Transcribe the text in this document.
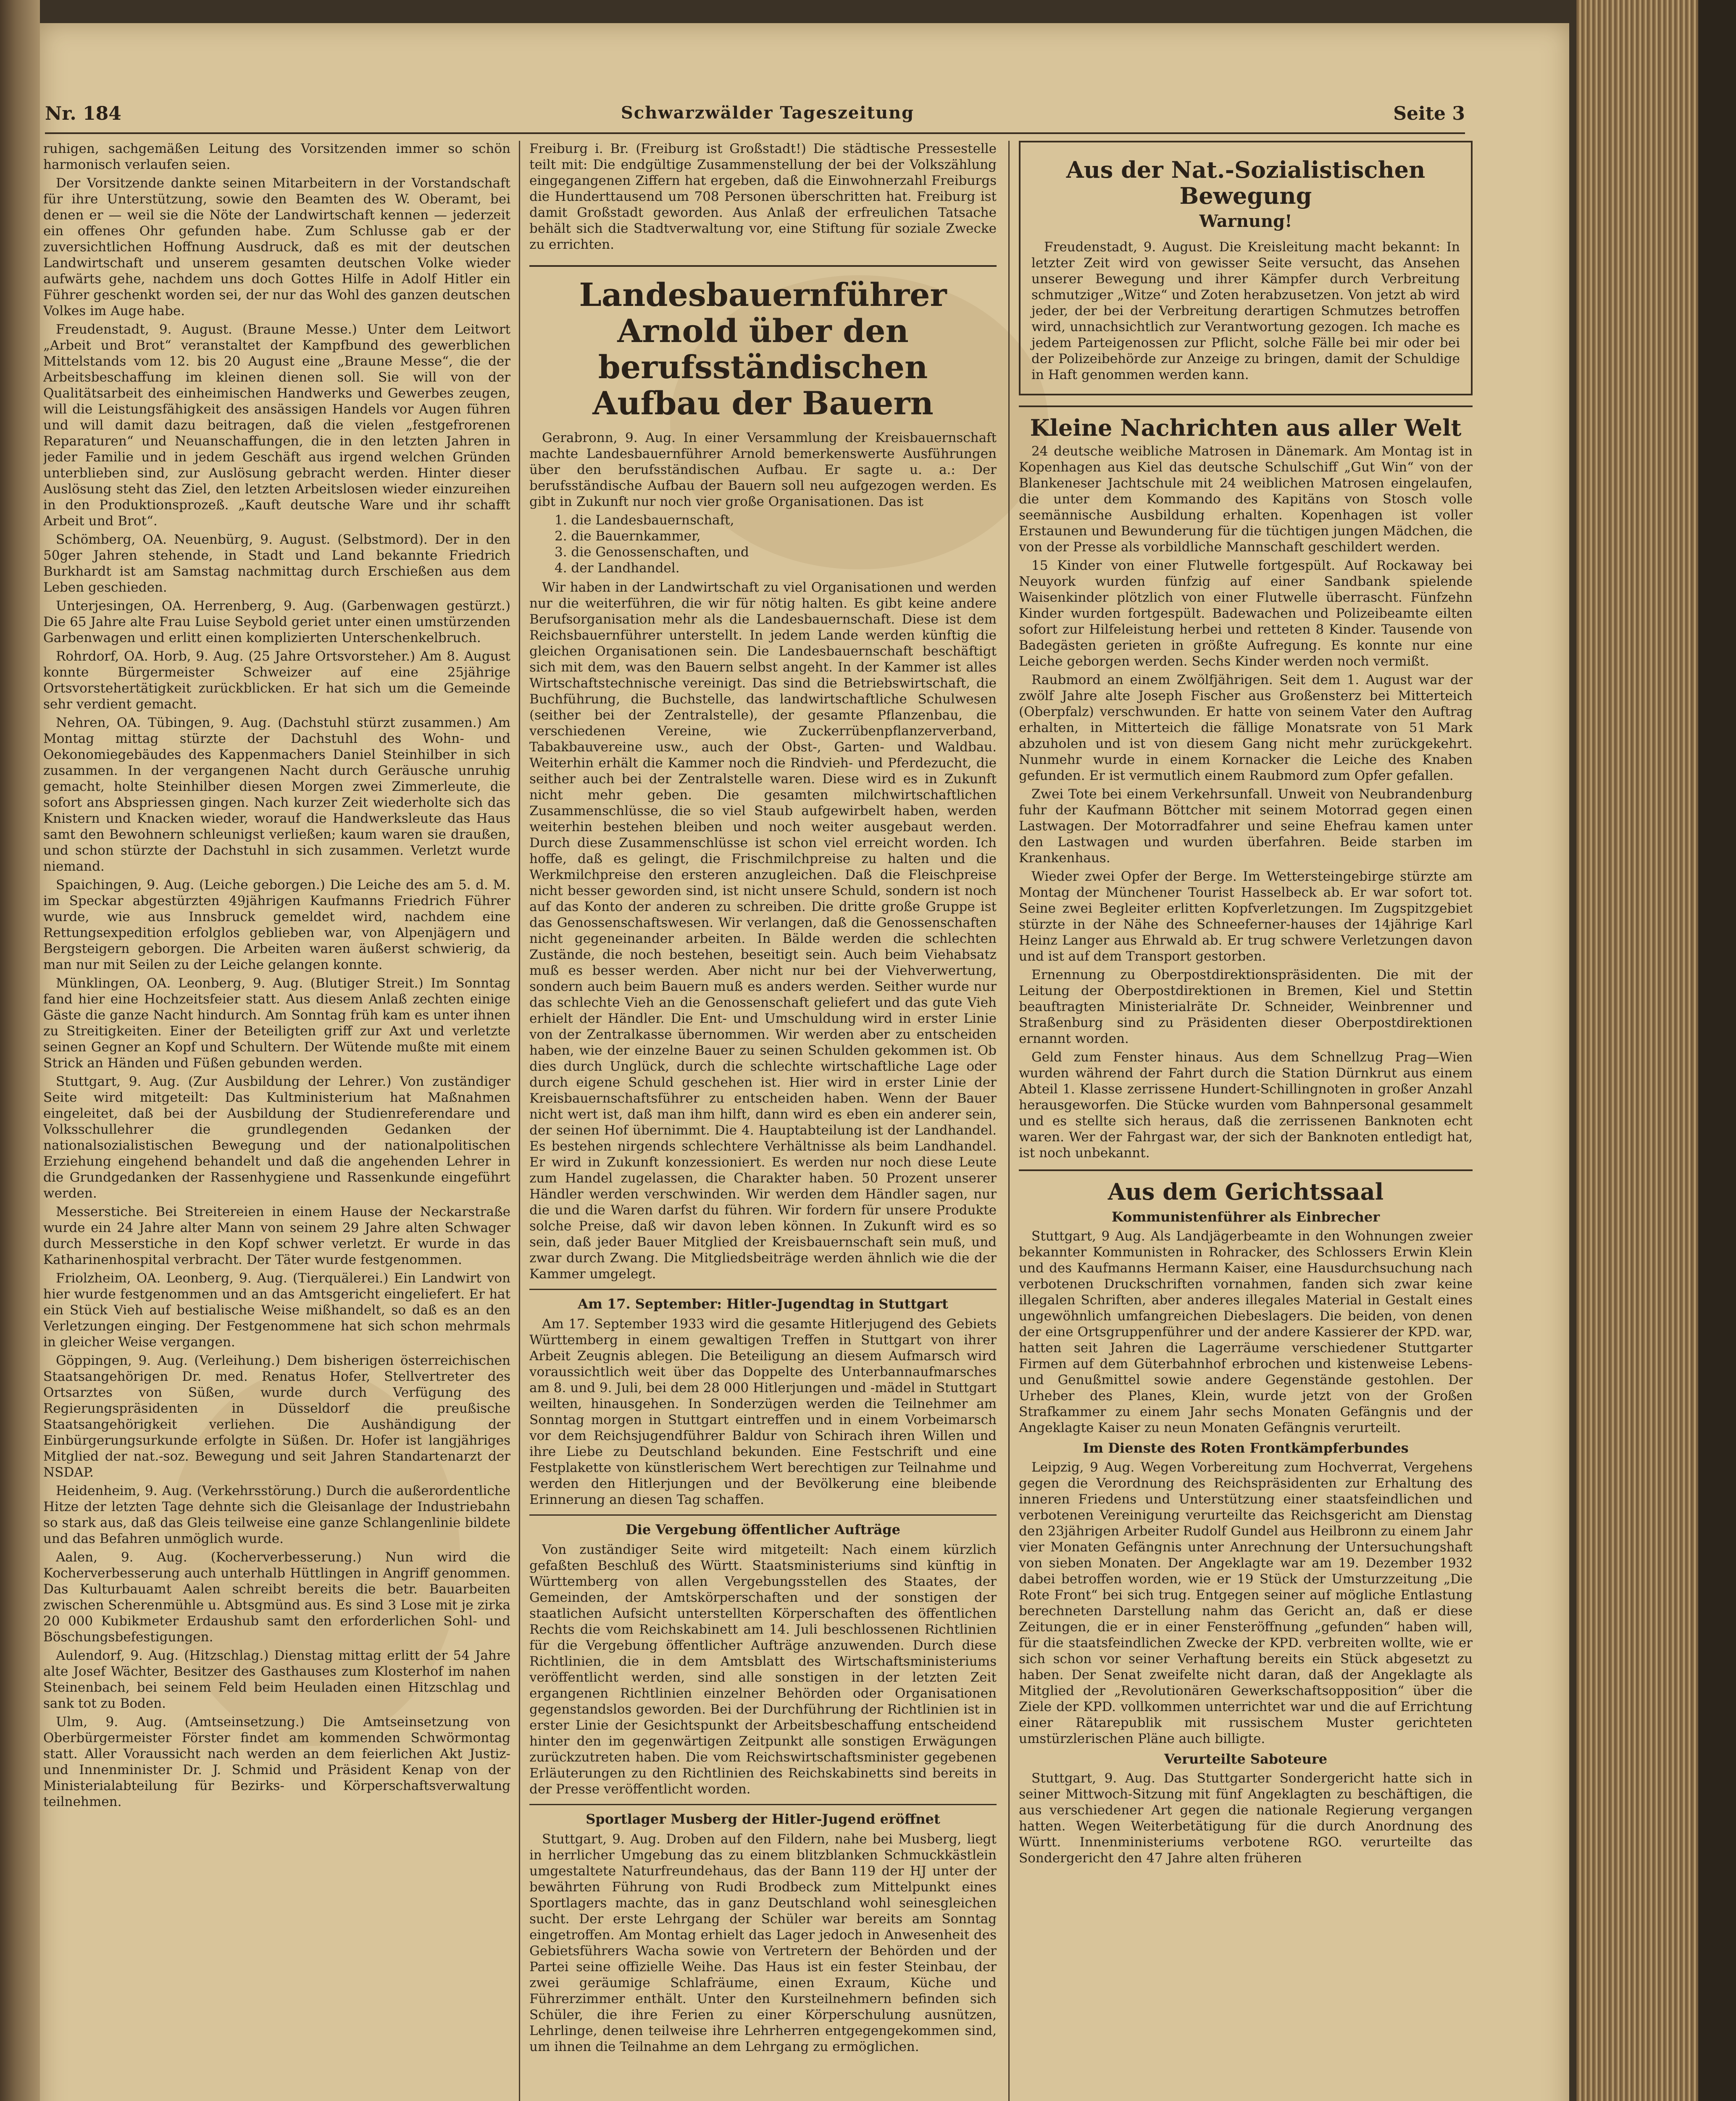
Nr. 184	Schwarzwälder Tageszeitung	Seite 3

ruhigen, sachgemäßen Leitung des Vorsitzenden immer so schön harmonisch verlaufen seien.

Der Vorsitzende dankte seinen Mitarbeitern in der Vorstandschaft für ihre Unterstützung, sowie den Beamten des W. Oberamt, bei denen er — weil sie die Nöte der Landwirtschaft kennen — jederzeit ein offenes Ohr gefunden habe. Zum Schlusse gab er der zuversichtlichen Hoffnung Ausdruck, daß es mit der deutschen Landwirtschaft und unserem gesamten deutschen Volke wieder aufwärts gehe, nachdem uns doch Gottes Hilfe in Adolf Hitler ein Führer geschenkt worden sei, der nur das Wohl des ganzen deutschen Volkes im Auge habe.

Freudenstadt, 9. August. (Braune Messe.) Unter dem Leitwort „Arbeit und Brot“ veranstaltet der Kampfbund des gewerblichen Mittelstands vom 12. bis 20 August eine „Braune Messe“, die der Arbeitsbeschaffung im kleinen dienen soll. Sie will von der Qualitätsarbeit des einheimischen Handwerks und Gewerbes zeugen, will die Leistungsfähigkeit des ansässigen Handels vor Augen führen und will damit dazu beitragen, daß die vielen „festgefrorenen Reparaturen“ und Neuanschaffungen, die in den letzten Jahren in jeder Familie und in jedem Geschäft aus irgend welchen Gründen unterblieben sind, zur Auslösung gebracht werden. Hinter dieser Auslösung steht das Ziel, den letzten Arbeitslosen wieder einzureihen in den Produktionsprozeß. „Kauft deutsche Ware und ihr schafft Arbeit und Brot“.

Schömberg, OA. Neuenbürg, 9. August. (Selbstmord). Der in den 50ger Jahren stehende, in Stadt und Land bekannte Friedrich Burkhardt ist am Samstag nachmittag durch Erschießen aus dem Leben geschieden.

Unterjesingen, OA. Herrenberg, 9. Aug. (Garbenwagen gestürzt.) Die 65 Jahre alte Frau Luise Seybold geriet unter einen umstürzenden Garbenwagen und erlitt einen komplizierten Unterschenkelbruch.

Rohrdorf, OA. Horb, 9. Aug. (25 Jahre Ortsvorsteher.) Am 8. August konnte Bürgermeister Schweizer auf eine 25jährige Ortsvorstehertätigkeit zurückblicken. Er hat sich um die Gemeinde sehr verdient gemacht.

Nehren, OA. Tübingen, 9. Aug. (Dachstuhl stürzt zusammen.) Am Montag mittag stürzte der Dachstuhl des Wohn- und Oekonomiegebäudes des Kappenmachers Daniel Steinhilber in sich zusammen. In der vergangenen Nacht durch Geräusche unruhig gemacht, holte Steinhilber diesen Morgen zwei Zimmerleute, die sofort ans Abspriessen gingen. Nach kurzer Zeit wiederholte sich das Knistern und Knacken wieder, worauf die Handwerksleute das Haus samt den Bewohnern schleunigst verließen; kaum waren sie draußen, und schon stürzte der Dachstuhl in sich zusammen. Verletzt wurde niemand.

Spaichingen, 9. Aug. (Leiche geborgen.) Die Leiche des am 5. d. M. im Speckar abgestürzten 49jährigen Kaufmanns Friedrich Führer wurde, wie aus Innsbruck gemeldet wird, nachdem eine Rettungsexpedition erfolglos geblieben war, von Alpenjägern und Bergsteigern geborgen. Die Arbeiten waren äußerst schwierig, da man nur mit Seilen zu der Leiche gelangen konnte.

Münklingen, OA. Leonberg, 9. Aug. (Blutiger Streit.) Im Sonntag fand hier eine Hochzeitsfeier statt. Aus diesem Anlaß zechten einige Gäste die ganze Nacht hindurch. Am Sonntag früh kam es unter ihnen zu Streitigkeiten. Einer der Beteiligten griff zur Axt und verletzte seinen Gegner an Kopf und Schultern. Der Wütende mußte mit einem Strick an Händen und Füßen gebunden werden.

Stuttgart, 9. Aug. (Zur Ausbildung der Lehrer.) Von zuständiger Seite wird mitgeteilt: Das Kultministerium hat Maßnahmen eingeleitet, daß bei der Ausbildung der Studienreferendare und Volksschullehrer die grundlegenden Gedanken der nationalsozialistischen Bewegung und der nationalpolitischen Erziehung eingehend behandelt und daß die angehenden Lehrer in die Grundgedanken der Rassenhygiene und Rassenkunde eingeführt werden.

Messerstiche. Bei Streitereien in einem Hause der Neckarstraße wurde ein 24 Jahre alter Mann von seinem 29 Jahre alten Schwager durch Messerstiche in den Kopf schwer verletzt. Er wurde in das Katharinenhospital verbracht. Der Täter wurde festgenommen.

Friolzheim, OA. Leonberg, 9. Aug. (Tierquälerei.) Ein Landwirt von hier wurde festgenommen und an das Amtsgericht eingeliefert. Er hat ein Stück Vieh auf bestialische Weise mißhandelt, so daß es an den Verletzungen einging. Der Festgenommene hat sich schon mehrmals in gleicher Weise vergangen.

Göppingen, 9. Aug. (Verleihung.) Dem bisherigen österreichischen Staatsangehörigen Dr. med. Renatus Hofer, Stellvertreter des Ortsarztes von Süßen, wurde durch Verfügung des Regierungspräsidenten in Düsseldorf die preußische Staatsangehörigkeit verliehen. Die Aushändigung der Einbürgerungsurkunde erfolgte in Süßen. Dr. Hofer ist langjähriges Mitglied der nat.-soz. Bewegung und seit Jahren Standartenarzt der NSDAP.

Heidenheim, 9. Aug. (Verkehrsstörung.) Durch die außerordentliche Hitze der letzten Tage dehnte sich die Gleisanlage der Industriebahn so stark aus, daß das Gleis teilweise eine ganze Schlangenlinie bildete und das Befahren unmöglich wurde.

Aalen, 9. Aug. (Kocherverbesserung.) Nun wird die Kocherverbesserung auch unterhalb Hüttlingen in Angriff genommen. Das Kulturbauamt Aalen schreibt bereits die betr. Bauarbeiten zwischen Scherenmühle u. Abtsgmünd aus. Es sind 3 Lose mit je zirka 20 000 Kubikmeter Erdaushub samt den erforderlichen Sohl- und Böschungsbefestigungen.

Aulendorf, 9. Aug. (Hitzschlag.) Dienstag mittag erlitt der 54 Jahre alte Josef Wächter, Besitzer des Gasthauses zum Klosterhof im nahen Steinenbach, bei seinem Feld beim Heuladen einen Hitzschlag und sank tot zu Boden.

Ulm, 9. Aug. (Amtseinsetzung.) Die Amtseinsetzung von Oberbürgermeister Förster findet am kommenden Schwörmontag statt. Aller Voraussicht nach werden an dem feierlichen Akt Justiz- und Innenminister Dr. J. Schmid und Präsident Kenap von der Ministerialabteilung für Bezirks- und Körperschaftsverwaltung teilnehmen.

Freiburg i. Br. (Freiburg ist Großstadt!) Die städtische Pressestelle teilt mit: Die endgültige Zusammenstellung der bei der Volkszählung eingegangenen Ziffern hat ergeben, daß die Einwohnerzahl Freiburgs die Hunderttausend um 708 Personen überschritten hat. Freiburg ist damit Großstadt geworden. Aus Anlaß der erfreulichen Tatsache behält sich die Stadtverwaltung vor, eine Stiftung für soziale Zwecke zu errichten.

Landesbauernführer Arnold über den berufsständischen Aufbau der Bauern

Gerabronn, 9. Aug. In einer Versammlung der Kreisbauernschaft machte Landesbauernführer Arnold bemerkenswerte Ausführungen über den berufsständischen Aufbau. Er sagte u. a.: Der berufsständische Aufbau der Bauern soll neu aufgezogen werden. Es gibt in Zukunft nur noch vier große Organisationen. Das ist

1. die Landesbauernschaft,
2. die Bauernkammer,
3. die Genossenschaften, und
4. der Landhandel.

Wir haben in der Landwirtschaft zu viel Organisationen und werden nur die weiterführen, die wir für nötig halten. Es gibt keine andere Berufsorganisation mehr als die Landesbauernschaft. Diese ist dem Reichsbauernführer unterstellt. In jedem Lande werden künftig die gleichen Organisationen sein. Die Landesbauernschaft beschäftigt sich mit dem, was den Bauern selbst angeht. In der Kammer ist alles Wirtschaftstechnische vereinigt. Das sind die Betriebswirtschaft, die Buchführung, die Buchstelle, das landwirtschaftliche Schulwesen (seither bei der Zentralstelle), der gesamte Pflanzenbau, die verschiedenen Vereine, wie Zuckerrübenpflanzerverband, Tabakbauvereine usw., auch der Obst-, Garten- und Waldbau. Weiterhin erhält die Kammer noch die Rindvieh- und Pferdezucht, die seither auch bei der Zentralstelle waren. Diese wird es in Zukunft nicht mehr geben. Die gesamten milchwirtschaftlichen Zusammenschlüsse, die so viel Staub aufgewirbelt haben, werden weiterhin bestehen bleiben und noch weiter ausgebaut werden. Durch diese Zusammenschlüsse ist schon viel erreicht worden. Ich hoffe, daß es gelingt, die Frischmilchpreise zu halten und die Werkmilchpreise den ersteren anzugleichen. Daß die Fleischpreise nicht besser geworden sind, ist nicht unsere Schuld, sondern ist noch auf das Konto der anderen zu schreiben. Die dritte große Gruppe ist das Genossenschaftswesen. Wir verlangen, daß die Genossenschaften nicht gegeneinander arbeiten. In Bälde werden die schlechten Zustände, die noch bestehen, beseitigt sein. Auch beim Viehabsatz muß es besser werden. Aber nicht nur bei der Viehverwertung, sondern auch beim Bauern muß es anders werden. Seither wurde nur das schlechte Vieh an die Genossenschaft geliefert und das gute Vieh erhielt der Händler. Die Ent- und Umschuldung wird in erster Linie von der Zentralkasse übernommen. Wir werden aber zu entscheiden haben, wie der einzelne Bauer zu seinen Schulden gekommen ist. Ob dies durch Unglück, durch die schlechte wirtschaftliche Lage oder durch eigene Schuld geschehen ist. Hier wird in erster Linie der Kreisbauernschaftsführer zu entscheiden haben. Wenn der Bauer nicht wert ist, daß man ihm hilft, dann wird es eben ein anderer sein, der seinen Hof übernimmt. Die 4. Hauptabteilung ist der Landhandel. Es bestehen nirgends schlechtere Verhältnisse als beim Landhandel. Er wird in Zukunft konzessioniert. Es werden nur noch diese Leute zum Handel zugelassen, die Charakter haben. 50 Prozent unserer Händler werden verschwinden. Wir werden dem Händler sagen, nur die und die Waren darfst du führen. Wir fordern für unsere Produkte solche Preise, daß wir davon leben können. In Zukunft wird es so sein, daß jeder Bauer Mitglied der Kreisbauernschaft sein muß, und zwar durch Zwang. Die Mitgliedsbeiträge werden ähnlich wie die der Kammer umgelegt.

Am 17. September: Hitler-Jugendtag in Stuttgart

Am 17. September 1933 wird die gesamte Hitlerjugend des Gebiets Württemberg in einem gewaltigen Treffen in Stuttgart von ihrer Arbeit Zeugnis ablegen. Die Beteiligung an diesem Aufmarsch wird voraussichtlich weit über das Doppelte des Unterbannaufmarsches am 8. und 9. Juli, bei dem 28 000 Hitlerjungen und -mädel in Stuttgart weilten, hinausgehen. In Sonderzügen werden die Teilnehmer am Sonntag morgen in Stuttgart eintreffen und in einem Vorbeimarsch vor dem Reichsjugendführer Baldur von Schirach ihren Willen und ihre Liebe zu Deutschland bekunden. Eine Festschrift und eine Festplakette von künstlerischem Wert berechtigen zur Teilnahme und werden den Hitlerjungen und der Bevölkerung eine bleibende Erinnerung an diesen Tag schaffen.

Die Vergebung öffentlicher Aufträge

Von zuständiger Seite wird mitgeteilt: Nach einem kürzlich gefaßten Beschluß des Württ. Staatsministeriums sind künftig in Württemberg von allen Vergebungsstellen des Staates, der Gemeinden, der Amtskörperschaften und der sonstigen der staatlichen Aufsicht unterstellten Körperschaften des öffentlichen Rechts die vom Reichskabinett am 14. Juli beschlossenen Richtlinien für die Vergebung öffentlicher Aufträge anzuwenden. Durch diese Richtlinien, die in dem Amtsblatt des Wirtschaftsministeriums veröffentlicht werden, sind alle sonstigen in der letzten Zeit ergangenen Richtlinien einzelner Behörden oder Organisationen gegenstandslos geworden. Bei der Durchführung der Richtlinien ist in erster Linie der Gesichtspunkt der Arbeitsbeschaffung entscheidend hinter den im gegenwärtigen Zeitpunkt alle sonstigen Erwägungen zurückzutreten haben. Die vom Reichswirtschaftsminister gegebenen Erläuterungen zu den Richtlinien des Reichskabinetts sind bereits in der Presse veröffentlicht worden.

Sportlager Musberg der Hitler-Jugend eröffnet

Stuttgart, 9. Aug. Droben auf den Fildern, nahe bei Musberg, liegt in herrlicher Umgebung das zu einem blitzblanken Schmuckkästlein umgestaltete Naturfreundehaus, das der Bann 119 der HJ unter der bewährten Führung von Rudi Brodbeck zum Mittelpunkt eines Sportlagers machte, das in ganz Deutschland wohl seinesgleichen sucht. Der erste Lehrgang der Schüler war bereits am Sonntag eingetroffen. Am Montag erhielt das Lager jedoch in Anwesenheit des Gebietsführers Wacha sowie von Vertretern der Behörden und der Partei seine offizielle Weihe. Das Haus ist ein fester Steinbau, der zwei geräumige Schlafräume, einen Exraum, Küche und Führerzimmer enthält. Unter den Kursteilnehmern befinden sich Schüler, die ihre Ferien zu einer Körperschulung ausnützen, Lehrlinge, denen teilweise ihre Lehrherren entgegengekommen sind, um ihnen die Teilnahme an dem Lehrgang zu ermöglichen.

Aus der Nat.-Sozialistischen Bewegung
Warnung!

Freudenstadt, 9. August. Die Kreisleitung macht bekannt: In letzter Zeit wird von gewisser Seite versucht, das Ansehen unserer Bewegung und ihrer Kämpfer durch Verbreitung schmutziger „Witze“ und Zoten herabzusetzen. Von jetzt ab wird jeder, der bei der Verbreitung derartigen Schmutzes betroffen wird, unnachsichtlich zur Verantwortung gezogen. Ich mache es jedem Parteigenossen zur Pflicht, solche Fälle bei mir oder bei der Polizeibehörde zur Anzeige zu bringen, damit der Schuldige in Haft genommen werden kann.

Kleine Nachrichten aus aller Welt

24 deutsche weibliche Matrosen in Dänemark. Am Montag ist in Kopenhagen aus Kiel das deutsche Schulschiff „Gut Win“ von der Blankeneser Jachtschule mit 24 weiblichen Matrosen eingelaufen, die unter dem Kommando des Kapitäns von Stosch volle seemännische Ausbildung erhalten. Kopenhagen ist voller Erstaunen und Bewunderung für die tüchtigen jungen Mädchen, die von der Presse als vorbildliche Mannschaft geschildert werden.

15 Kinder von einer Flutwelle fortgespült. Auf Rockaway bei Neuyork wurden fünfzig auf einer Sandbank spielende Waisenkinder plötzlich von einer Flutwelle überrascht. Fünfzehn Kinder wurden fortgespült. Badewachen und Polizeibeamte eilten sofort zur Hilfeleistung herbei und retteten 8 Kinder. Tausende von Badegästen gerieten in größte Aufregung. Es konnte nur eine Leiche geborgen werden. Sechs Kinder werden noch vermißt.

Raubmord an einem Zwölfjährigen. Seit dem 1. August war der zwölf Jahre alte Joseph Fischer aus Großensterz bei Mitterteich (Oberpfalz) verschwunden. Er hatte von seinem Vater den Auftrag erhalten, in Mitterteich die fällige Monatsrate von 51 Mark abzuholen und ist von diesem Gang nicht mehr zurückgekehrt. Nunmehr wurde in einem Kornacker die Leiche des Knaben gefunden. Er ist vermutlich einem Raubmord zum Opfer gefallen.

Zwei Tote bei einem Verkehrsunfall. Unweit von Neubrandenburg fuhr der Kaufmann Böttcher mit seinem Motorrad gegen einen Lastwagen. Der Motorradfahrer und seine Ehefrau kamen unter den Lastwagen und wurden überfahren. Beide starben im Krankenhaus.

Wieder zwei Opfer der Berge. Im Wettersteingebirge stürzte am Montag der Münchener Tourist Hasselbeck ab. Er war sofort tot. Seine zwei Begleiter erlitten Kopfverletzungen. Im Zugspitzgebiet stürzte in der Nähe des Schneeferner-hauses der 14jährige Karl Heinz Langer aus Ehrwald ab. Er trug schwere Verletzungen davon und ist auf dem Transport gestorben.

Ernennung zu Oberpostdirektionspräsidenten. Die mit der Leitung der Oberpostdirektionen in Bremen, Kiel und Stettin beauftragten Ministerialräte Dr. Schneider, Weinbrenner und Straßenburg sind zu Präsidenten dieser Oberpostdirektionen ernannt worden.

Geld zum Fenster hinaus. Aus dem Schnellzug Prag—Wien wurden während der Fahrt durch die Station Dürnkrut aus einem Abteil 1. Klasse zerrissene Hundert-Schillingnoten in großer Anzahl herausgeworfen. Die Stücke wurden vom Bahnpersonal gesammelt und es stellte sich heraus, daß die zerrissenen Banknoten echt waren. Wer der Fahrgast war, der sich der Banknoten entledigt hat, ist noch unbekannt.

Aus dem Gerichtssaal
Kommunistenführer als Einbrecher

Stuttgart, 9 Aug. Als Landjägerbeamte in den Wohnungen zweier bekannter Kommunisten in Rohracker, des Schlossers Erwin Klein und des Kaufmanns Hermann Kaiser, eine Hausdurchsuchung nach verbotenen Druckschriften vornahmen, fanden sich zwar keine illegalen Schriften, aber anderes illegales Material in Gestalt eines ungewöhnlich umfangreichen Diebeslagers. Die beiden, von denen der eine Ortsgruppenführer und der andere Kassierer der KPD. war, hatten seit Jahren die Lagerräume verschiedener Stuttgarter Firmen auf dem Güterbahnhof erbrochen und kistenweise Lebens- und Genußmittel sowie andere Gegenstände gestohlen. Der Urheber des Planes, Klein, wurde jetzt von der Großen Strafkammer zu einem Jahr sechs Monaten Gefängnis und der Angeklagte Kaiser zu neun Monaten Gefängnis verurteilt.

Im Dienste des Roten Frontkämpferbundes

Leipzig, 9 Aug. Wegen Vorbereitung zum Hochverrat, Vergehens gegen die Verordnung des Reichspräsidenten zur Erhaltung des inneren Friedens und Unterstützung einer staatsfeindlichen und verbotenen Vereinigung verurteilte das Reichsgericht am Dienstag den 23jährigen Arbeiter Rudolf Gundel aus Heilbronn zu einem Jahr vier Monaten Gefängnis unter Anrechnung der Untersuchungshaft von sieben Monaten. Der Angeklagte war am 19. Dezember 1932 dabei betroffen worden, wie er 19 Stück der Umsturzzeitung „Die Rote Front“ bei sich trug. Entgegen seiner auf mögliche Entlastung berechneten Darstellung nahm das Gericht an, daß er diese Zeitungen, die er in einer Fensteröffnung „gefunden“ haben will, für die staatsfeindlichen Zwecke der KPD. verbreiten wollte, wie er sich schon vor seiner Verhaftung bereits ein Stück abgesetzt zu haben. Der Senat zweifelte nicht daran, daß der Angeklagte als Mitglied der „Revolutionären Gewerkschaftsopposition“ über die Ziele der KPD. vollkommen unterrichtet war und die auf Errichtung einer Rätarepublik mit russischem Muster gerichteten umstürzlerischen Pläne auch billigte.

Verurteilte Saboteure

Stuttgart, 9. Aug. Das Stuttgarter Sondergericht hatte sich in seiner Mittwoch-Sitzung mit fünf Angeklagten zu beschäftigen, die aus verschiedener Art gegen die nationale Regierung vergangen hatten. Wegen Weiterbetätigung für die durch Anordnung des Württ. Innenministeriums verbotene RGO. verurteilte das Sondergericht den 47 Jahre alten früheren
